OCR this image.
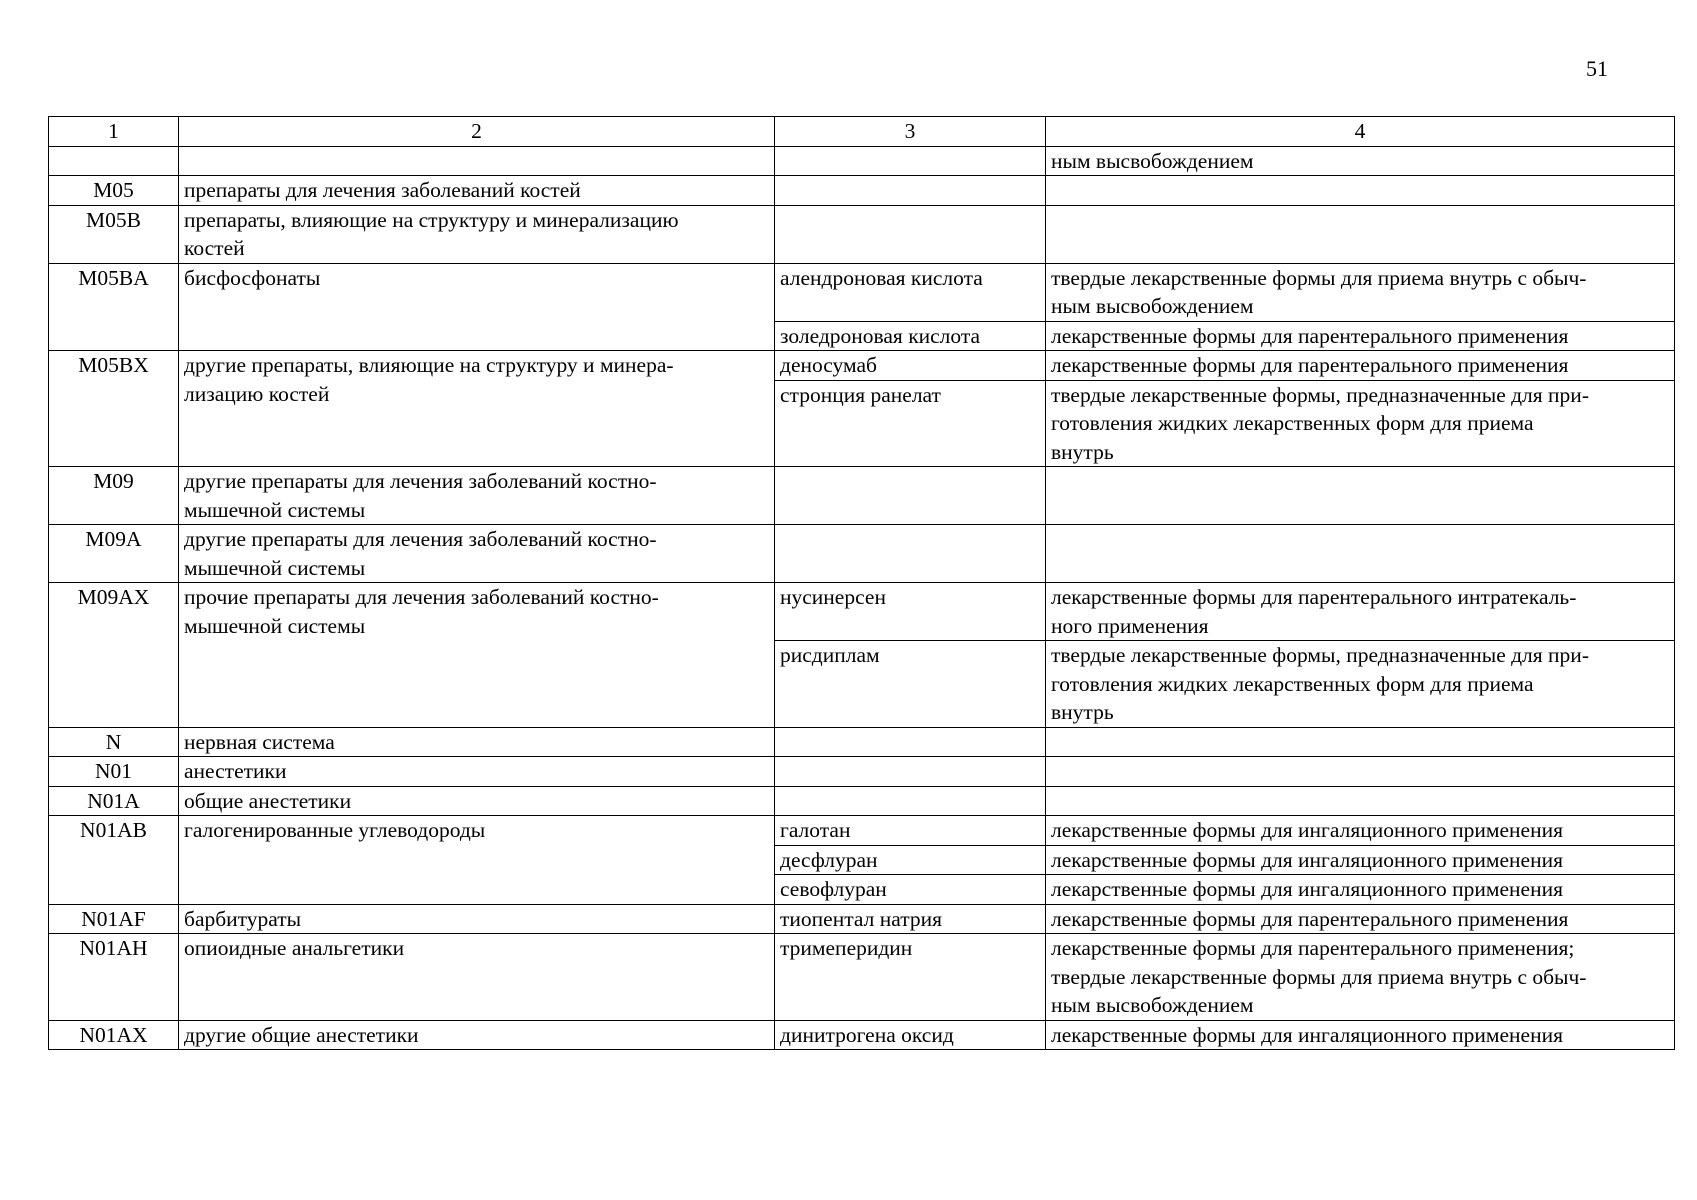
51
1	2	3	4
			ным высвобождением
M05	препараты для лечения заболеваний костей		
M05B	препараты, влияющие на структуру и минерализацию
костей		
M05BA	бисфосфонаты	алендроновая кислота	твердые лекарственные формы для приема внутрь с обыч-
ным высвобождением
		золедроновая кислота	лекарственные формы для парентерального применения
M05BX	другие препараты, влияющие на структуру и минера-
лизацию костей	деносумаб	лекарственные формы для парентерального применения
		стронция ранелат	твердые лекарственные формы, предназначенные для при-
готовления жидких лекарственных форм для приема
внутрь
M09	другие препараты для лечения заболеваний костно-
мышечной системы		
M09A	другие препараты для лечения заболеваний костно-
мышечной системы		
M09AX	прочие препараты для лечения заболеваний костно-
мышечной системы	нусинерсен	лекарственные формы для парентерального интратекаль-
ного применения
		рисдиплам	твердые лекарственные формы, предназначенные для при-
готовления жидких лекарственных форм для приема
внутрь
N	нервная система		
N01	анестетики		
N01A	общие анестетики		
N01AB	галогенированные углеводороды	галотан	лекарственные формы для ингаляционного применения
		десфлуран	лекарственные формы для ингаляционного применения
		севофлуран	лекарственные формы для ингаляционного применения
N01AF	барбитураты	тиопентал натрия	лекарственные формы для парентерального применения
N01AH	опиоидные анальгетики	тримеперидин	лекарственные формы для парентерального применения;
твердые лекарственные формы для приема внутрь с обыч-
ным высвобождением
N01AX	другие общие анестетики	динитрогена оксид	лекарственные формы для ингаляционного применения
